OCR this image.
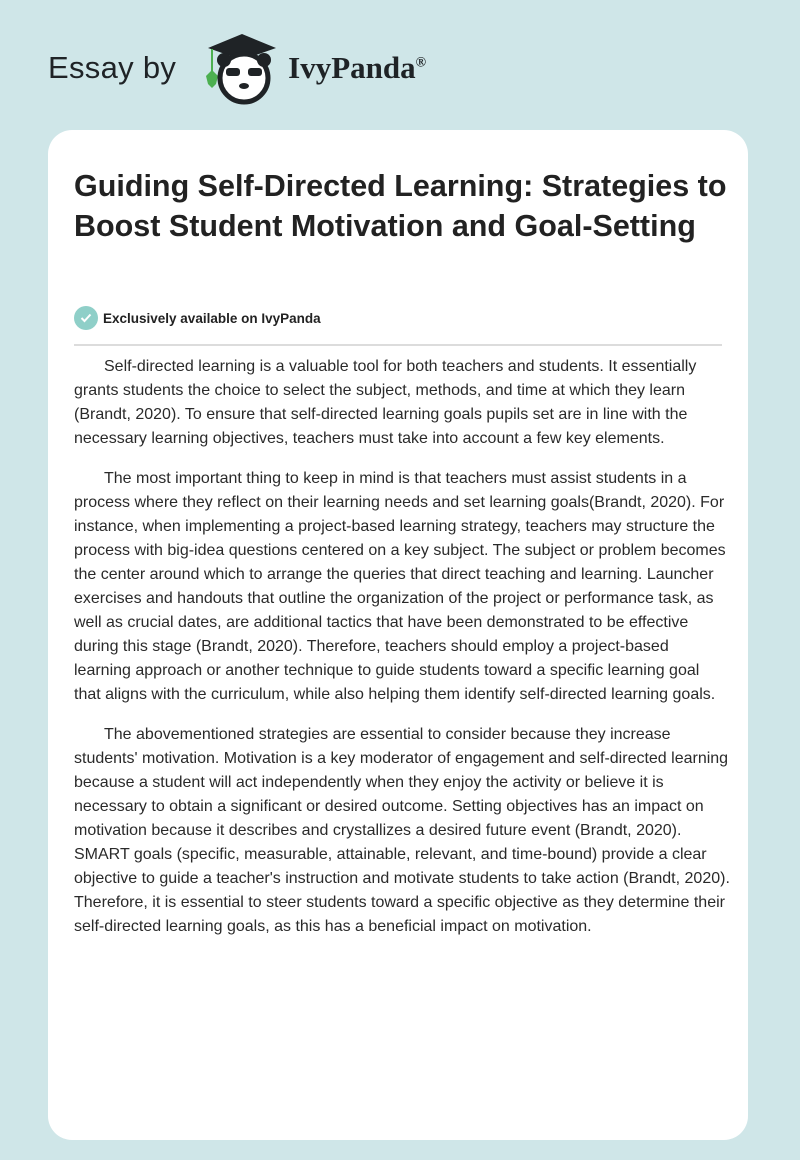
Essay by	IvyPanda®
Guiding Self-Directed Learning: Strategies to Boost Student Motivation and Goal-Setting
Exclusively available on IvyPanda

Self-directed learning is a valuable tool for both teachers and students. It essentially grants students the choice to select the subject, methods, and time at which they learn (Brandt, 2020). To ensure that self-directed learning goals pupils set are in line with the necessary learning objectives, teachers must take into account a few key elements.

The most important thing to keep in mind is that teachers must assist students in a process where they reflect on their learning needs and set learning goals(Brandt, 2020). For instance, when implementing a project-based learning strategy, teachers may structure the process with big-idea questions centered on a key subject. The subject or problem becomes the center around which to arrange the queries that direct teaching and learning. Launcher exercises and handouts that outline the organization of the project or performance task, as well as crucial dates, are additional tactics that have been demonstrated to be effective during this stage (Brandt, 2020). Therefore, teachers should employ a project-based learning approach or another technique to guide students toward a specific learning goal that aligns with the curriculum, while also helping them identify self-directed learning goals.

The abovementioned strategies are essential to consider because they increase students' motivation. Motivation is a key moderator of engagement and self-directed learning because a student will act independently when they enjoy the activity or believe it is necessary to obtain a significant or desired outcome. Setting objectives has an impact on motivation because it describes and crystallizes a desired future event (Brandt, 2020). SMART goals (specific, measurable, attainable, relevant, and time-bound) provide a clear objective to guide a teacher's instruction and motivate students to take action (Brandt, 2020). Therefore, it is essential to steer students toward a specific objective as they determine their self-directed learning goals, as this has a beneficial impact on motivation.
